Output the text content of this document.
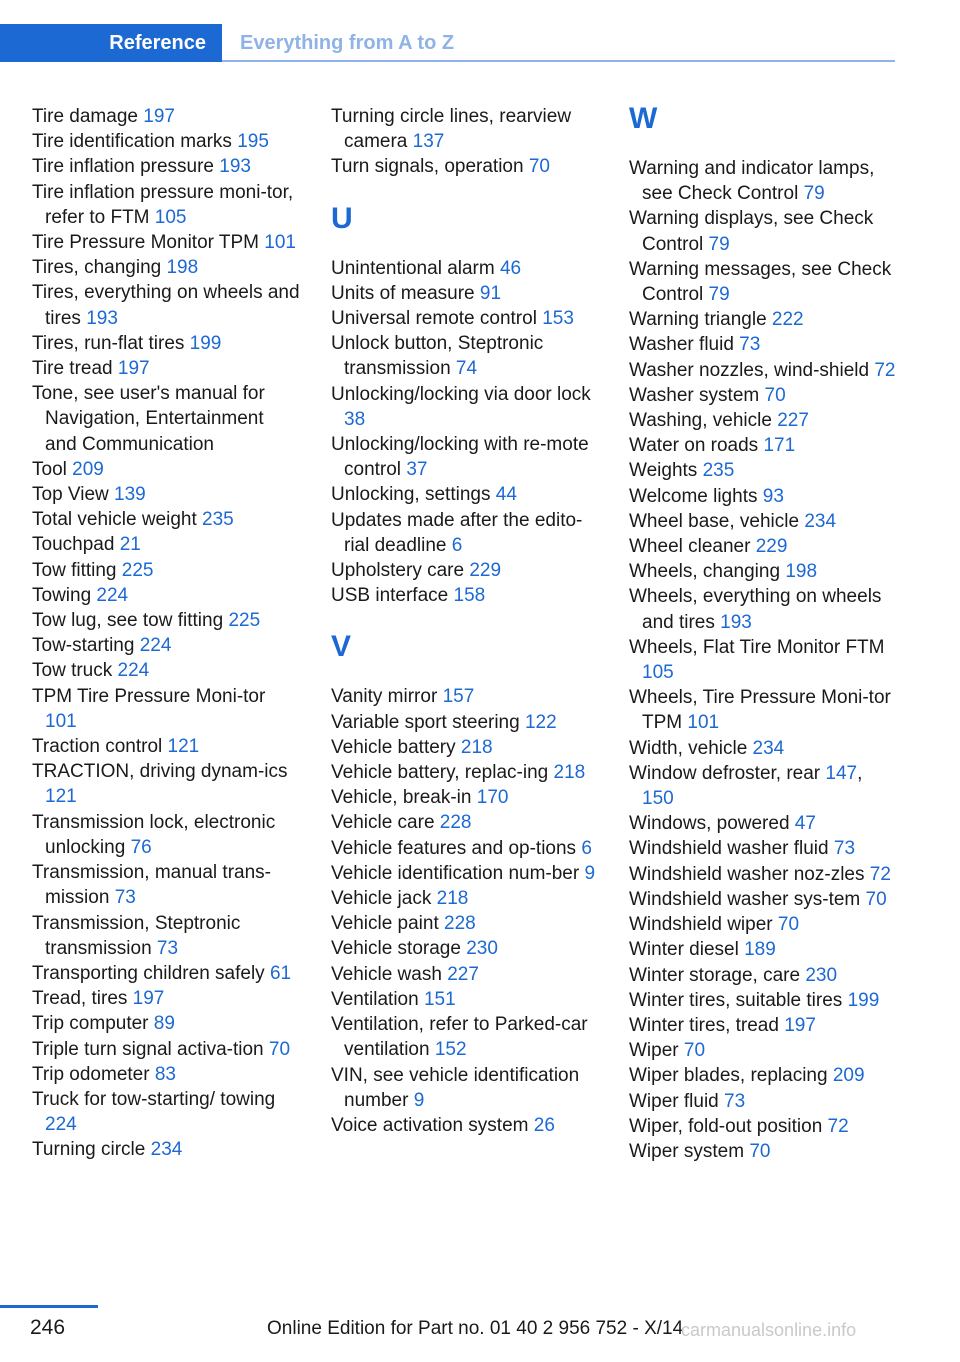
Reference	Everything from A to Z
Tire damage 197
Tire identification marks 195
Tire inflation pressure 193
Tire inflation pressure moni-tor, refer to FTM 105
Tire Pressure Monitor TPM 101
Tires, changing 198
Tires, everything on wheels and tires 193
Tires, run-flat tires 199
Tire tread 197
Tone, see user's manual for Navigation, Entertainment and Communication
Tool 209
Top View 139
Total vehicle weight 235
Touchpad 21
Tow fitting 225
Towing 224
Tow lug, see tow fitting 225
Tow-starting 224
Tow truck 224
TPM Tire Pressure Moni-tor 101
Traction control 121
TRACTION, driving dynam-ics 121
Transmission lock, electronic unlocking 76
Transmission, manual trans-mission 73
Transmission, Steptronic transmission 73
Transporting children safely 61
Tread, tires 197
Trip computer 89
Triple turn signal activa-tion 70
Trip odometer 83
Truck for tow-starting/ towing 224
Turning circle 234
Turning circle lines, rearview camera 137
Turn signals, operation 70
U
Unintentional alarm 46
Units of measure 91
Universal remote control 153
Unlock button, Steptronic transmission 74
Unlocking/locking via door lock 38
Unlocking/locking with re-mote control 37
Unlocking, settings 44
Updates made after the edito-rial deadline 6
Upholstery care 229
USB interface 158
V
Vanity mirror 157
Variable sport steering 122
Vehicle battery 218
Vehicle battery, replac-ing 218
Vehicle, break-in 170
Vehicle care 228
Vehicle features and op-tions 6
Vehicle identification num-ber 9
Vehicle jack 218
Vehicle paint 228
Vehicle storage 230
Vehicle wash 227
Ventilation 151
Ventilation, refer to Parked-car ventilation 152
VIN, see vehicle identification number 9
Voice activation system 26
W
Warning and indicator lamps, see Check Control 79
Warning displays, see Check Control 79
Warning messages, see Check Control 79
Warning triangle 222
Washer fluid 73
Washer nozzles, wind-shield 72
Washer system 70
Washing, vehicle 227
Water on roads 171
Weights 235
Welcome lights 93
Wheel base, vehicle 234
Wheel cleaner 229
Wheels, changing 198
Wheels, everything on wheels and tires 193
Wheels, Flat Tire Monitor FTM 105
Wheels, Tire Pressure Moni-tor TPM 101
Width, vehicle 234
Window defroster, rear 147, 150
Windows, powered 47
Windshield washer fluid 73
Windshield washer noz-zles 72
Windshield washer sys-tem 70
Windshield wiper 70
Winter diesel 189
Winter storage, care 230
Winter tires, suitable tires 199
Winter tires, tread 197
Wiper 70
Wiper blades, replacing 209
Wiper fluid 73
Wiper, fold-out position 72
Wiper system 70
246	Online Edition for Part no. 01 40 2 956 752 - X/14
carmanualsonline.info
